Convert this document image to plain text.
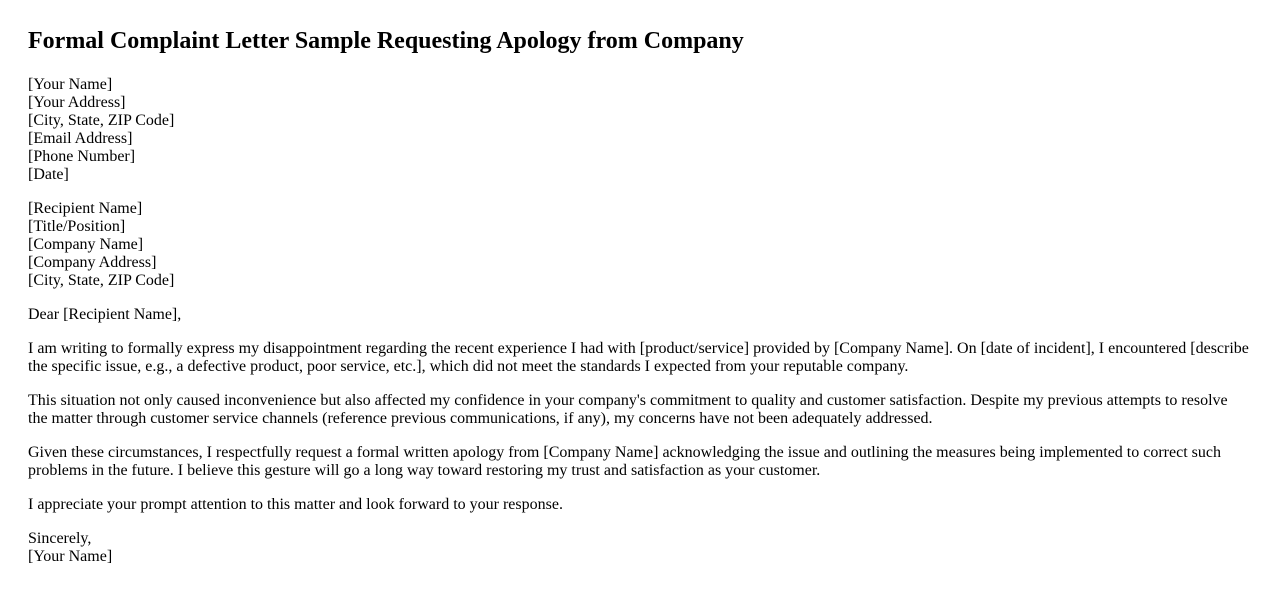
Formal Complaint Letter Sample Requesting Apology from Company
[Your Name]
[Your Address]
[City, State, ZIP Code]
[Email Address]
[Phone Number]
[Date]
[Recipient Name]
[Title/Position]
[Company Name]
[Company Address]
[City, State, ZIP Code]

Dear [Recipient Name],

I am writing to formally express my disappointment regarding the recent experience I had with [product/service] provided by [Company Name]. On [date of incident], I encountered [describe the specific issue, e.g., a defective product, poor service, etc.], which did not meet the standards I expected from your reputable company.

This situation not only caused inconvenience but also affected my confidence in your company's commitment to quality and customer satisfaction. Despite my previous attempts to resolve the matter through customer service channels (reference previous communications, if any), my concerns have not been adequately addressed.

Given these circumstances, I respectfully request a formal written apology from [Company Name] acknowledging the issue and outlining the measures being implemented to correct such problems in the future. I believe this gesture will go a long way toward restoring my trust and satisfaction as your customer.

I appreciate your prompt attention to this matter and look forward to your response.

Sincerely,
[Your Name]
